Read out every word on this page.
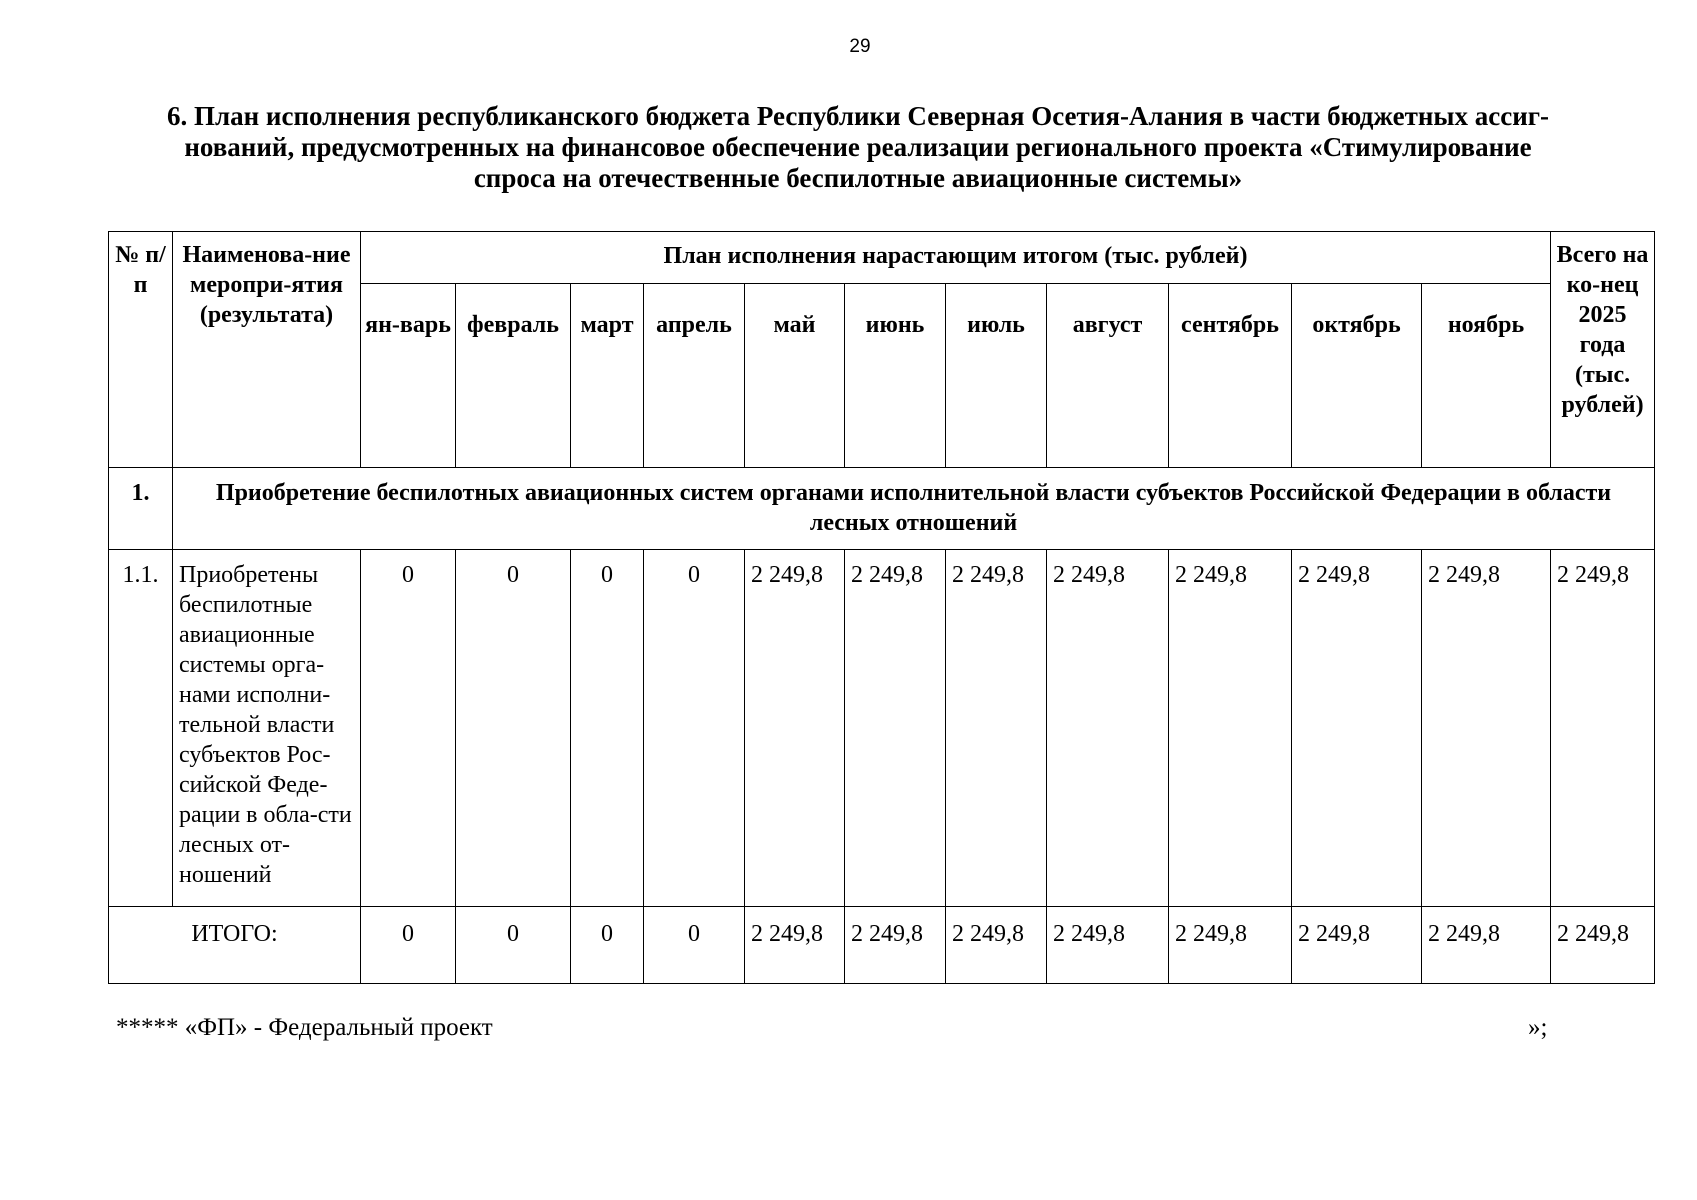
29
6. План исполнения республиканского бюджета Республики Северная Осетия-Алания в части бюджетных ассиг-
нований, предусмотренных на финансовое обеспечение реализации регионального проекта «Стимулирование
спроса на отечественные беспилотные авиационные системы»
№ п/п	Наименова-ние меропри-ятия (результата)	План исполнения нарастающим итогом (тыс. рублей)											Всего на ко-нец 2025 года (тыс. рублей)
		ян-варь	февраль	март	апрель	май	июнь	июль	август	сентябрь	октябрь	ноябрь	
1.	Приобретение беспилотных авиационных систем органами исполнительной власти субъектов Российской Федерации в области лесных отношений												
1.1.	Приобретены беспилотные авиационные системы орга-нами исполни-тельной власти субъектов Рос-сийской Феде-рации в обла-сти лесных от-ношений	0	0	0	0	2 249,8	2 249,8	2 249,8	2 249,8	2 249,8	2 249,8	2 249,8	2 249,8
ИТОГО:		0	0	0	0	2 249,8	2 249,8	2 249,8	2 249,8	2 249,8	2 249,8	2 249,8	2 249,8
***** «ФП» - Федеральный проект	»;
